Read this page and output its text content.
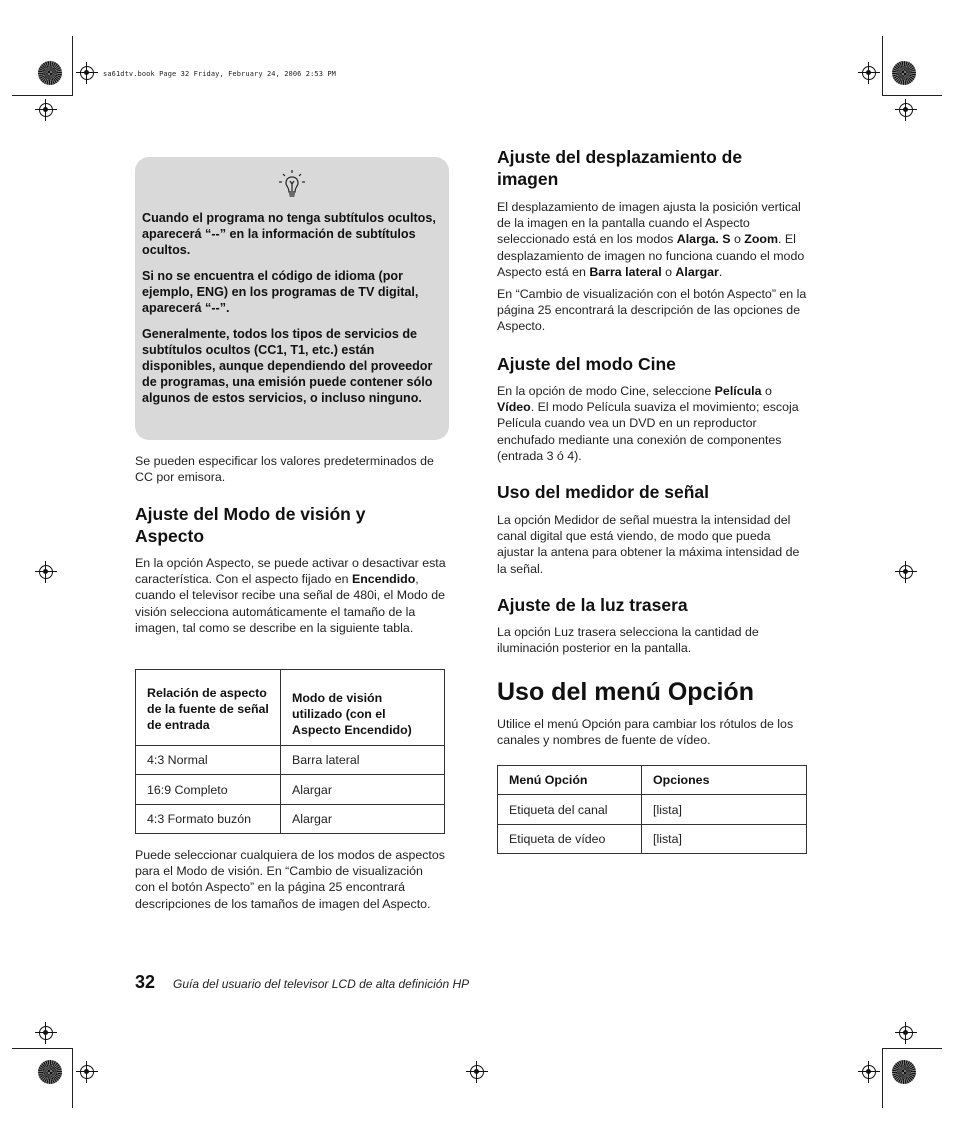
sa61dtv.book Page 32 Friday, February 24, 2006 2:53 PM

Cuando el programa no tenga subtítulos ocultos, aparecerá “--” en la información de subtítulos ocultos.

Si no se encuentra el código de idioma (por ejemplo, ENG) en los programas de TV digital, aparecerá “--”.

Generalmente, todos los tipos de servicios de subtítulos ocultos (CC1, T1, etc.) están disponibles, aunque dependiendo del proveedor de programas, una emisión puede contener sólo algunos de estos servicios, o incluso ninguno.

Se pueden especificar los valores predeterminados de CC por emisora.

Ajuste del Modo de visión y
Aspecto

En la opción Aspecto, se puede activar o desactivar esta característica. Con el aspecto fijado en Encendido, cuando el televisor recibe una señal de 480i, el Modo de visión selecciona automáticamente el tamaño de la imagen, tal como se describe en la siguiente tabla.

Relación de aspecto de la fuente de señal de entrada	Modo de visión utilizado (con el Aspecto Encendido)
4:3 Normal	Barra lateral
16:9 Completo	Alargar
4:3 Formato buzón	Alargar

Puede seleccionar cualquiera de los modos de aspectos para el Modo de visión. En “Cambio de visualización con el botón Aspecto” en la página 25 encontrará descripciones de los tamaños de imagen del Aspecto.

Ajuste del desplazamiento de
imagen

El desplazamiento de imagen ajusta la posición vertical de la imagen en la pantalla cuando el Aspecto seleccionado está en los modos Alarga. S o Zoom. El desplazamiento de imagen no funciona cuando el modo Aspecto está en Barra lateral o Alargar.

En “Cambio de visualización con el botón Aspecto” en la página 25 encontrará la descripción de las opciones de Aspecto.

Ajuste del modo Cine

En la opción de modo Cine, seleccione Película o Vídeo. El modo Película suaviza el movimiento; escoja Película cuando vea un DVD en un reproductor enchufado mediante una conexión de componentes (entrada 3 ó 4).

Uso del medidor de señal

La opción Medidor de señal muestra la intensidad del canal digital que está viendo, de modo que pueda ajustar la antena para obtener la máxima intensidad de la señal.

Ajuste de la luz trasera

La opción Luz trasera selecciona la cantidad de iluminación posterior en la pantalla.

Uso del menú Opción

Utilice el menú Opción para cambiar los rótulos de los canales y nombres de fuente de vídeo.

Menú Opción	Opciones
Etiqueta del canal	[lista]
Etiqueta de vídeo	[lista]
32 Guía del usuario del televisor LCD de alta definición HP
